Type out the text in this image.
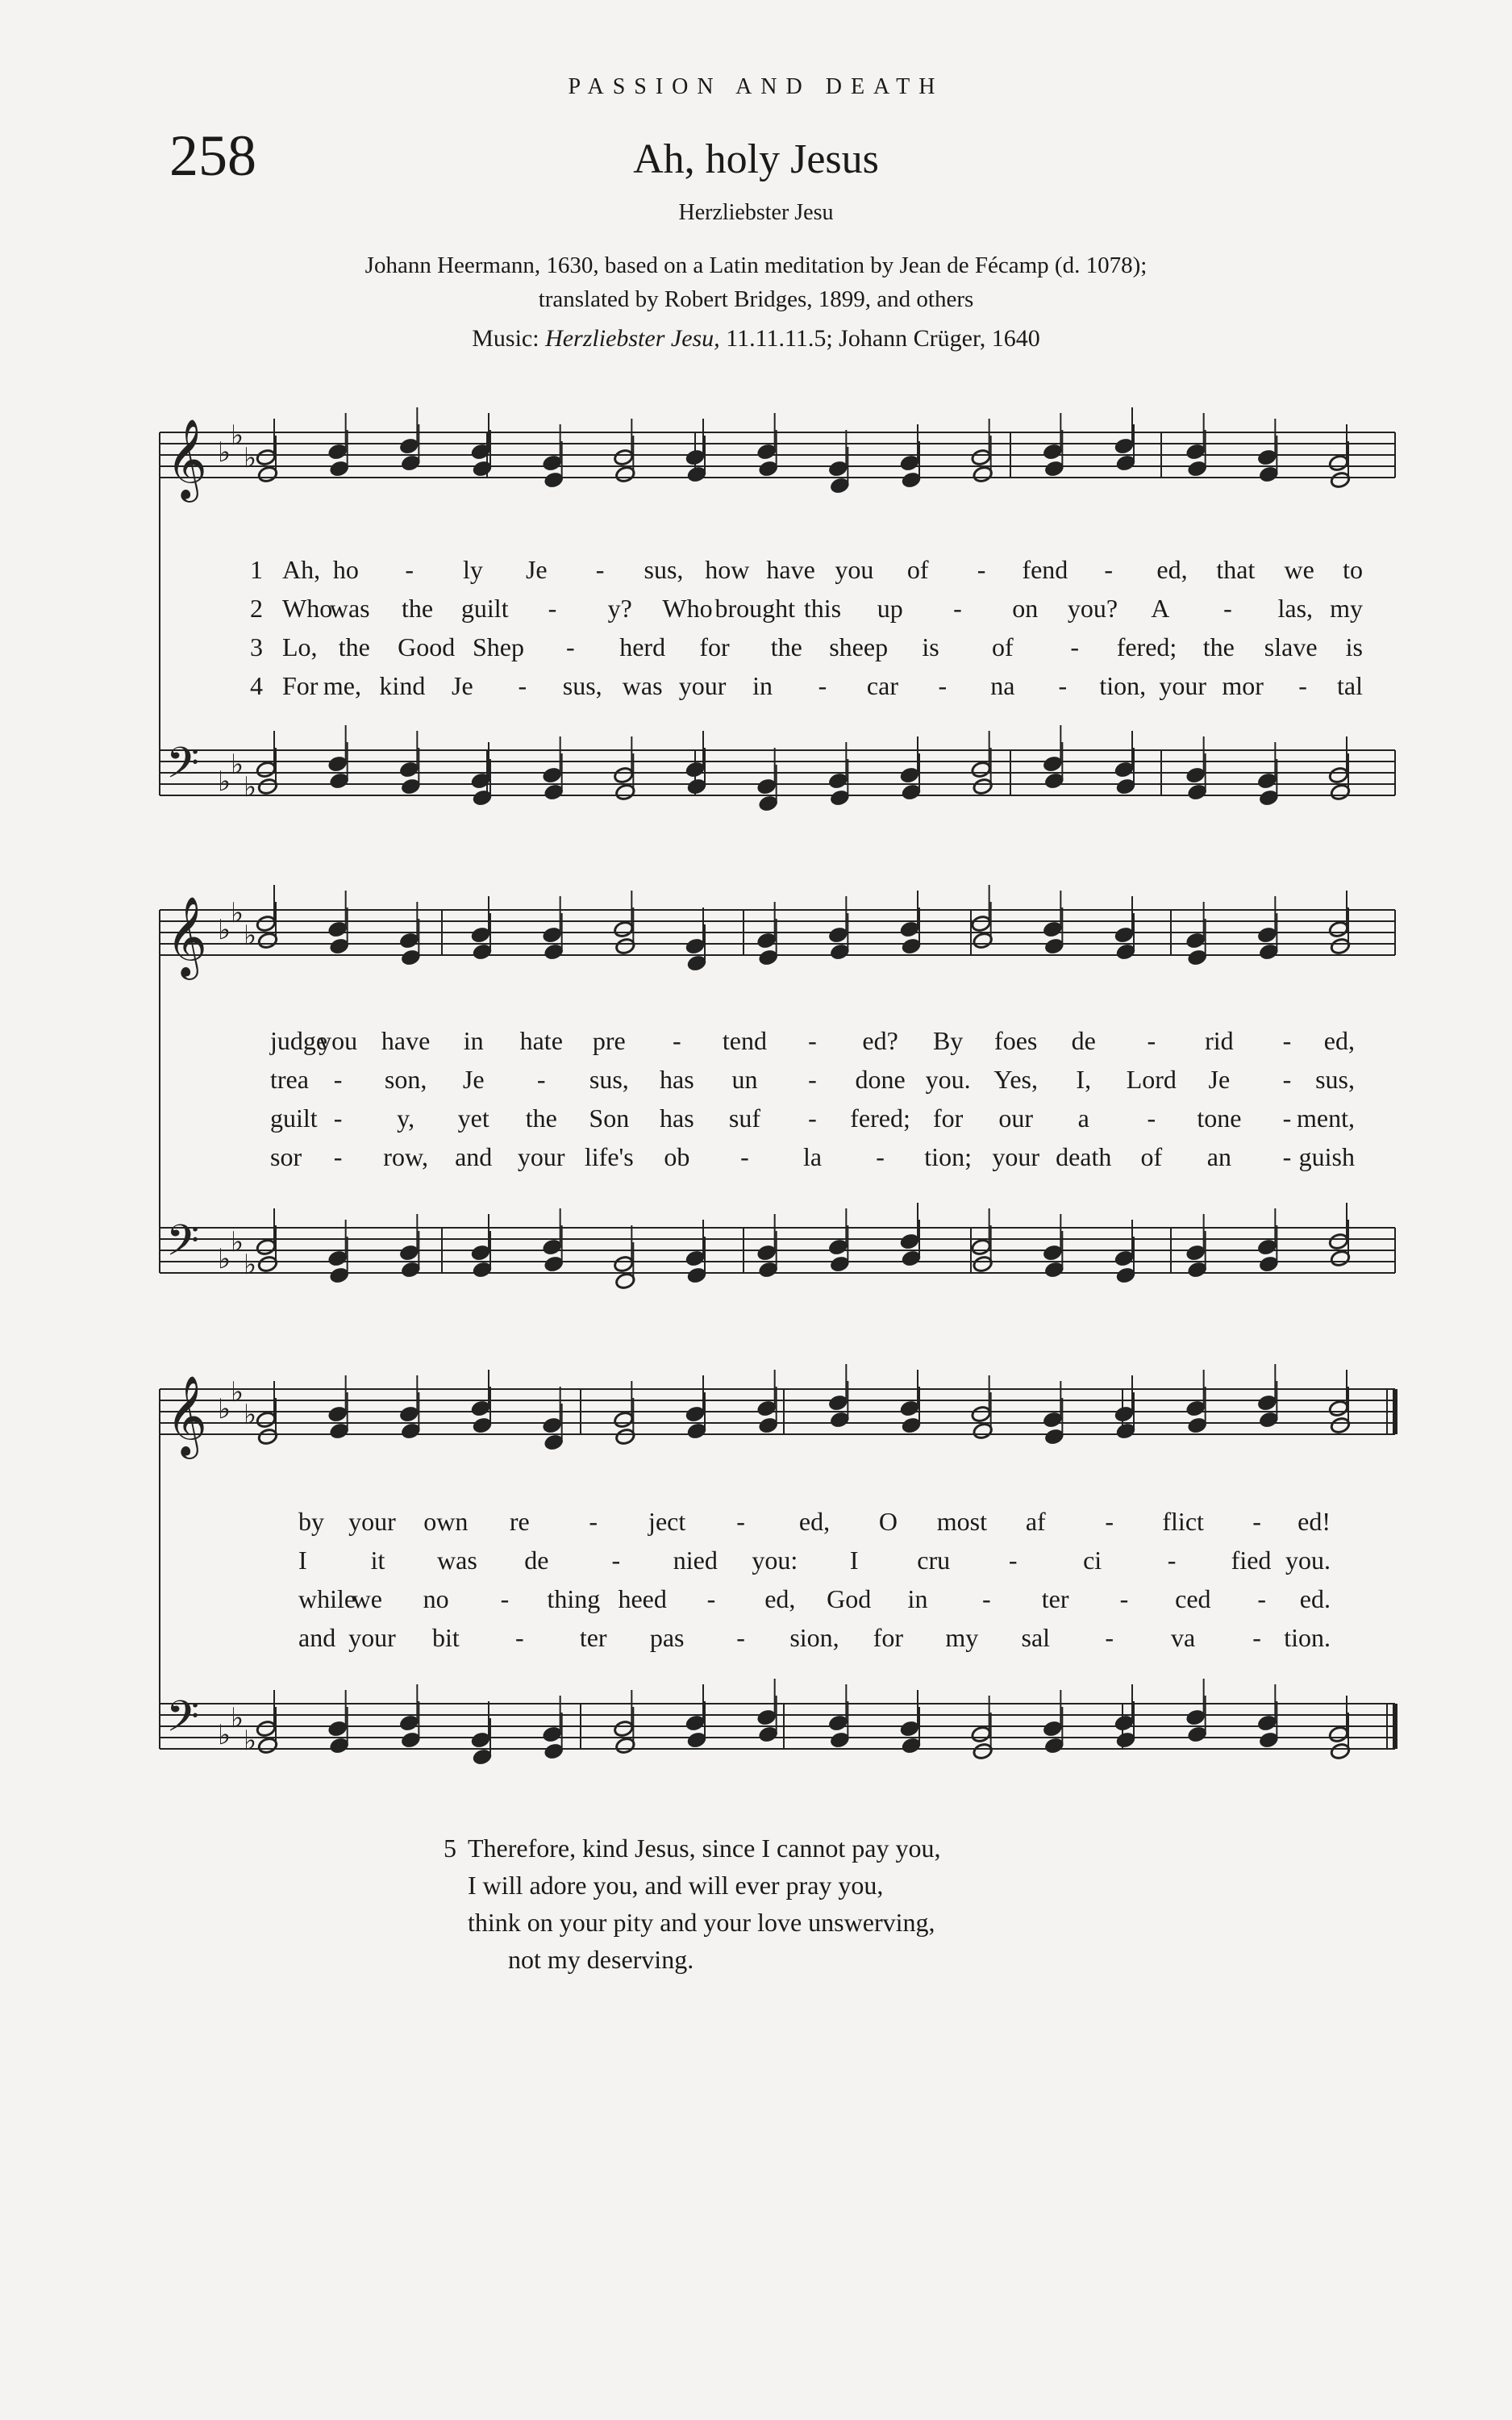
PASSION AND DEATH
258	Ah, holy Jesus
Herzliebster Jesu
Johann Heermann, 1630, based on a Latin meditation by Jean de Fécamp (d. 1078);
translated by Robert Bridges, 1899, and others
Music: Herzliebster Jesu, 11.11.11.5; Johann Crüger, 1640
♭
♭
♭
𝄞
♭
♭
♭
𝄢
♭
♭
♭
𝄞
♭
♭
♭
𝄢
♭
♭
♭
𝄞
♭
♭
♭
𝄢
1 Ah, ho - ly Je - sus, how have you of - fend - ed, that we to
2 Who
was the guilt - y? Who brought this up - on you? A - las, my
3 Lo, the Good Shep - herd for the sheep is of - fered; the slave is
4 For me, kind Je - sus, was your in - car - na - tion, your mor - tal
judge
you have in hate pre - tend - ed? By foes de - rid - ed,
trea - son, Je - sus, has un - done you. Yes, I, Lord Je - sus,
guilt - y, yet the Son has suf - fered; for our a - tone - ment,
sor - row, and your life's ob - la - tion; your death of an - guish
by your own re - ject - ed, O most af - flict - ed!
I it was de - nied you: I cru -	ci	- fied you.
while
we no - thing heed - ed, God in - ter - ced - ed.
and your bit - ter pas - sion, for my sal - va - tion.
5 Therefore, kind Jesus, since I cannot pay you,
I will adore you, and will ever pray you,
think on your pity and your love unswerving,
not my deserving.
